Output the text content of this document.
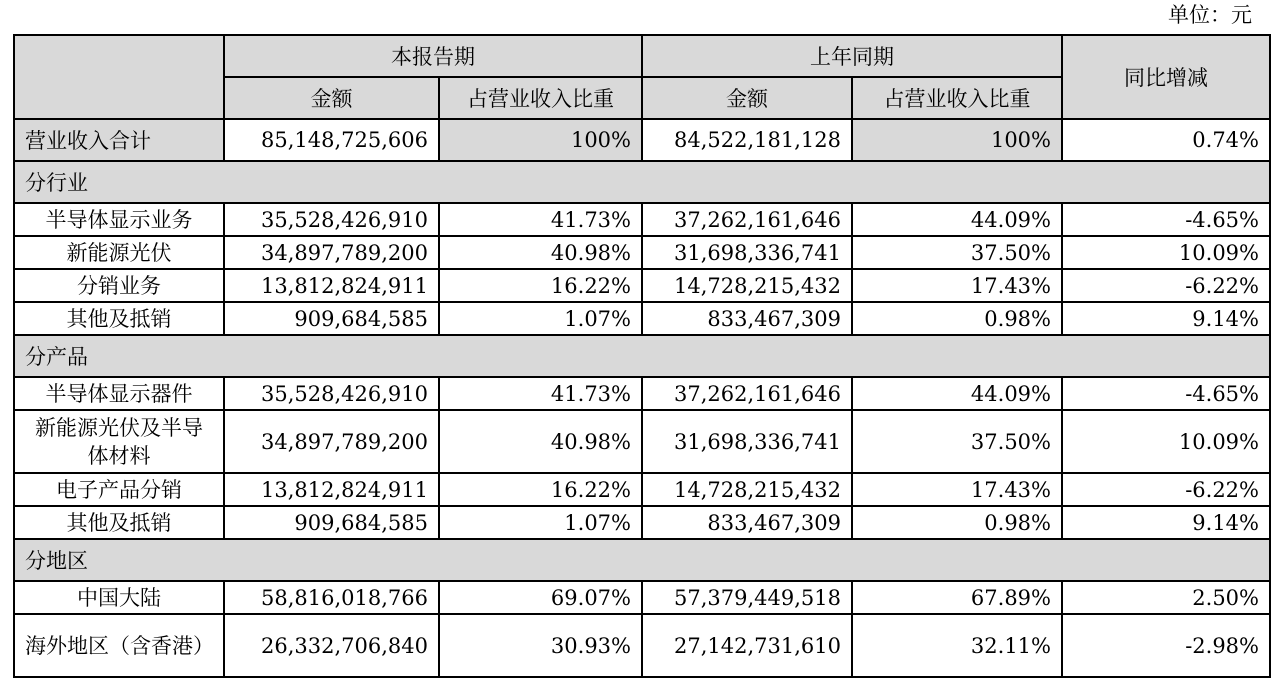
单位：元
	本报告期		上年同期		同比增减
	金额	占营业收入比重	金额	占营业收入比重	
营业收入合计	85,148,725,606	100%	84,522,181,128	100%	0.74%
分行业					
半导体显示业务	35,528,426,910	41.73%	37,262,161,646	44.09%	-4.65%
新能源光伏	34,897,789,200	40.98%	31,698,336,741	37.50%	10.09%
分销业务	13,812,824,911	16.22%	14,728,215,432	17.43%	-6.22%
其他及抵销	909,684,585	1.07%	833,467,309	0.98%	9.14%
分产品					
半导体显示器件	35,528,426,910	41.73%	37,262,161,646	44.09%	-4.65%
新能源光伏及半导体材料	34,897,789,200	40.98%	31,698,336,741	37.50%	10.09%
电子产品分销	13,812,824,911	16.22%	14,728,215,432	17.43%	-6.22%
其他及抵销	909,684,585	1.07%	833,467,309	0.98%	9.14%
分地区					
中国大陆	58,816,018,766	69.07%	57,379,449,518	67.89%	2.50%
海外地区（含香港）	26,332,706,840	30.93%	27,142,731,610	32.11%	-2.98%
